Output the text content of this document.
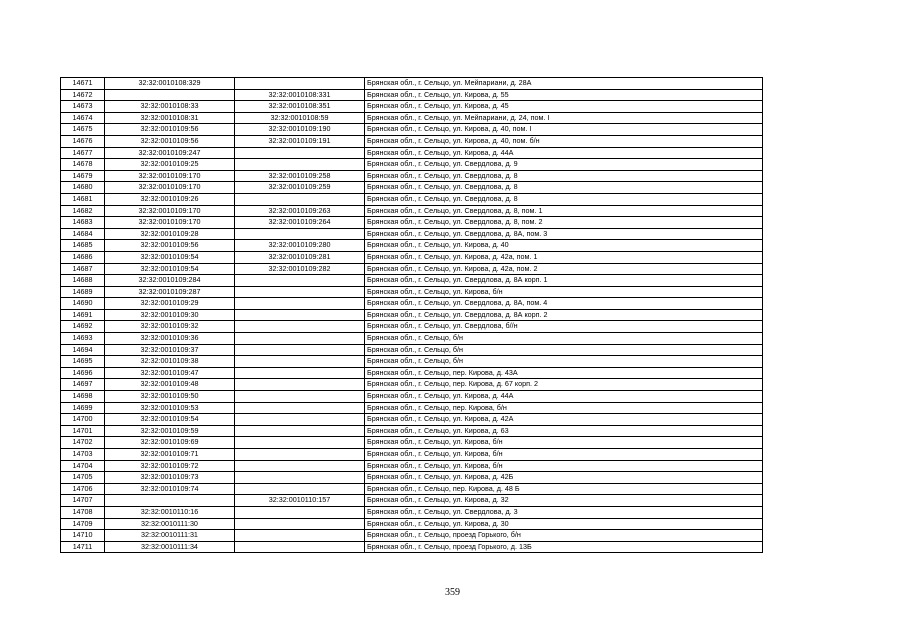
14671	32:32:0010108:329		Брянская обл., г. Сельцо, ул. Мейпариани, д. 28А
14672		32:32:0010108:331	Брянская обл., г. Сельцо, ул. Кирова, д. 55
14673	32:32:0010108:33	32:32:0010108:351	Брянская обл., г. Сельцо, ул. Кирова, д. 45
14674	32:32:0010108:31	32:32:0010108:59	Брянская обл., г. Сельцо, ул. Мейпариани, д. 24, пом. I
14675	32:32:0010109:56	32:32:0010109:190	Брянская обл., г. Сельцо, ул. Кирова, д. 40, пом. I
14676	32:32:0010109:56	32:32:0010109:191	Брянская обл., г. Сельцо, ул. Кирова, д. 40, пом. б/н
14677	32:32:0010109:247		Брянская обл., г. Сельцо, ул. Кирова, д. 44А
14678	32:32:0010109:25		Брянская обл., г. Сельцо, ул. Свердлова, д. 9
14679	32:32:0010109:170	32:32:0010109:258	Брянская обл., г. Сельцо, ул. Свердлова, д. 8
14680	32:32:0010109:170	32:32:0010109:259	Брянская обл., г. Сельцо, ул. Свердлова, д. 8
14681	32:32:0010109:26		Брянская обл., г. Сельцо, ул. Свердлова, д. 8
14682	32:32:0010109:170	32:32:0010109:263	Брянская обл., г. Сельцо, ул. Свердлова, д. 8, пом. 1
14683	32:32:0010109:170	32:32:0010109:264	Брянская обл., г. Сельцо, ул. Свердлова, д. 8, пом. 2
14684	32:32:0010109:28		Брянская обл., г. Сельцо, ул. Свердлова, д. 8А, пом. 3
14685	32:32:0010109:56	32:32:0010109:280	Брянская обл., г. Сельцо, ул. Кирова, д. 40
14686	32:32:0010109:54	32:32:0010109:281	Брянская обл., г. Сельцо, ул. Кирова, д. 42а, пом. 1
14687	32:32:0010109:54	32:32:0010109:282	Брянская обл., г. Сельцо, ул. Кирова, д. 42а, пом. 2
14688	32:32:0010109:284		Брянская обл., г. Сельцо, ул. Свердлова, д. 8А корп. 1
14689	32:32:0010109:287		Брянская обл., г. Сельцо, ул. Кирова, б/н
14690	32:32:0010109:29		Брянская обл., г. Сельцо, ул. Свердлова, д. 8А, пом. 4
14691	32:32:0010109:30		Брянская обл., г. Сельцо, ул. Свердлова, д. 8А корп. 2
14692	32:32:0010109:32		Брянская обл., г. Сельцо, ул. Свердлова, б//н
14693	32:32:0010109:36		Брянская обл., г. Сельцо, б/н
14694	32:32:0010109:37		Брянская обл., г. Сельцо, б/н
14695	32:32:0010109:38		Брянская обл., г. Сельцо, б/н
14696	32:32:0010109:47		Брянская обл., г. Сельцо, пер. Кирова, д. 43А
14697	32:32:0010109:48		Брянская обл., г. Сельцо, пер. Кирова, д. 67 корп. 2
14698	32:32:0010109:50		Брянская обл., г. Сельцо, ул. Кирова, д. 44А
14699	32:32:0010109:53		Брянская обл., г. Сельцо, пер. Кирова, б/н
14700	32:32:0010109:54		Брянская обл., г. Сельцо, ул. Кирова, д. 42А
14701	32:32:0010109:59		Брянская обл., г. Сельцо, ул. Кирова, д. 63
14702	32:32:0010109:69		Брянская обл., г. Сельцо, ул. Кирова, б/н
14703	32:32:0010109:71		Брянская обл., г. Сельцо, ул. Кирова, б/н
14704	32:32:0010109:72		Брянская обл., г. Сельцо, ул. Кирова, б/н
14705	32:32:0010109:73		Брянская обл., г. Сельцо, ул. Кирова, д. 42Б
14706	32:32:0010109:74		Брянская обл., г. Сельцо, пер. Кирова, д. 48 Б
14707		32:32:0010110:157	Брянская обл., г. Сельцо, ул. Кирова, д. 32
14708	32:32:0010110:16		Брянская обл., г. Сельцо, ул. Свердлова, д. 3
14709	32:32:0010111:30		Брянская обл., г. Сельцо, ул. Кирова, д. 30
14710	32:32:0010111:31		Брянская обл., г. Сельцо, проезд Горького, б/н
14711	32:32:0010111:34		Брянская обл., г. Сельцо, проезд Горького, д. 13Б
359
